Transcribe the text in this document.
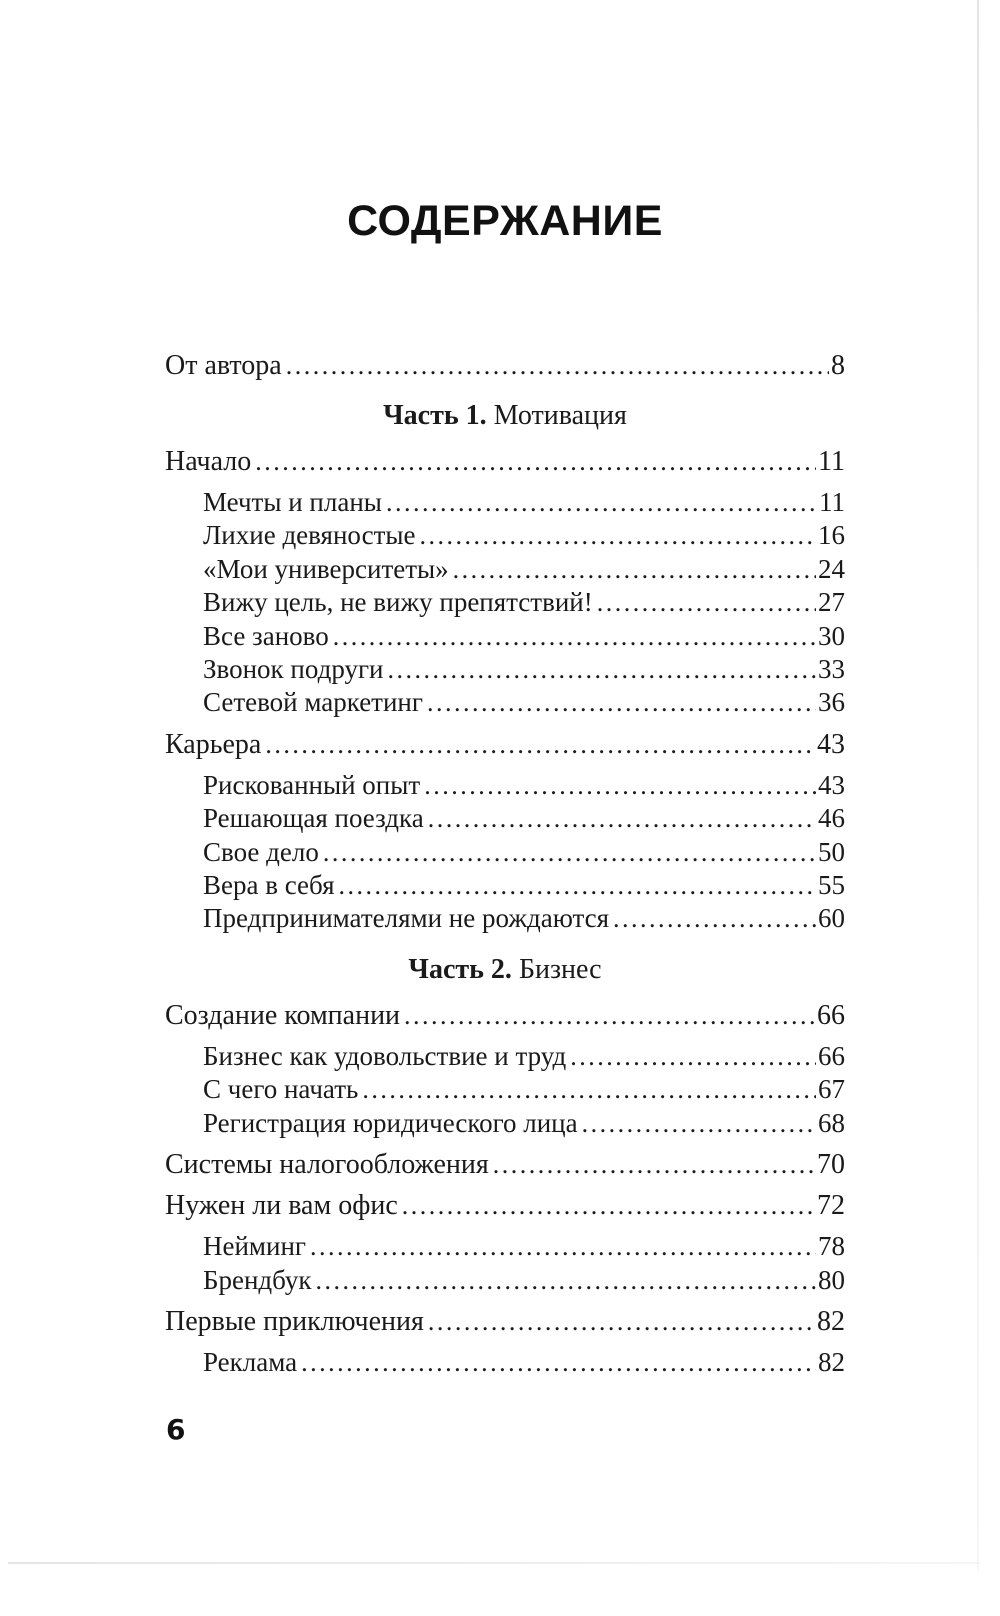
СОДЕРЖАНИЕ
От автора .....	8
Часть 1. Мотивация
Начало .....	11
Мечты и планы .....	11
Лихие девяностые .....	16
«Мои университеты» .....	24
Вижу цель, не вижу препятствий! .....	27
Все заново .....	30
Звонок подруги .....	33
Сетевой маркетинг .....	36
Карьера .....	43
Рискованный опыт .....	43
Решающая поездка .....	46
Свое дело .....	50
Вера в себя .....	55
Предпринимателями не рождаются .....	60
Часть 2. Бизнес
Создание компании .....	66
Бизнес как удовольствие и труд .....	66
С чего начать .....	67
Регистрация юридического лица .....	68
Системы налогообложения .....	70
Нужен ли вам офис .....	72
Нейминг .....	78
Брендбук .....	80
Первые приключения .....	82
Реклама .....	82
6
